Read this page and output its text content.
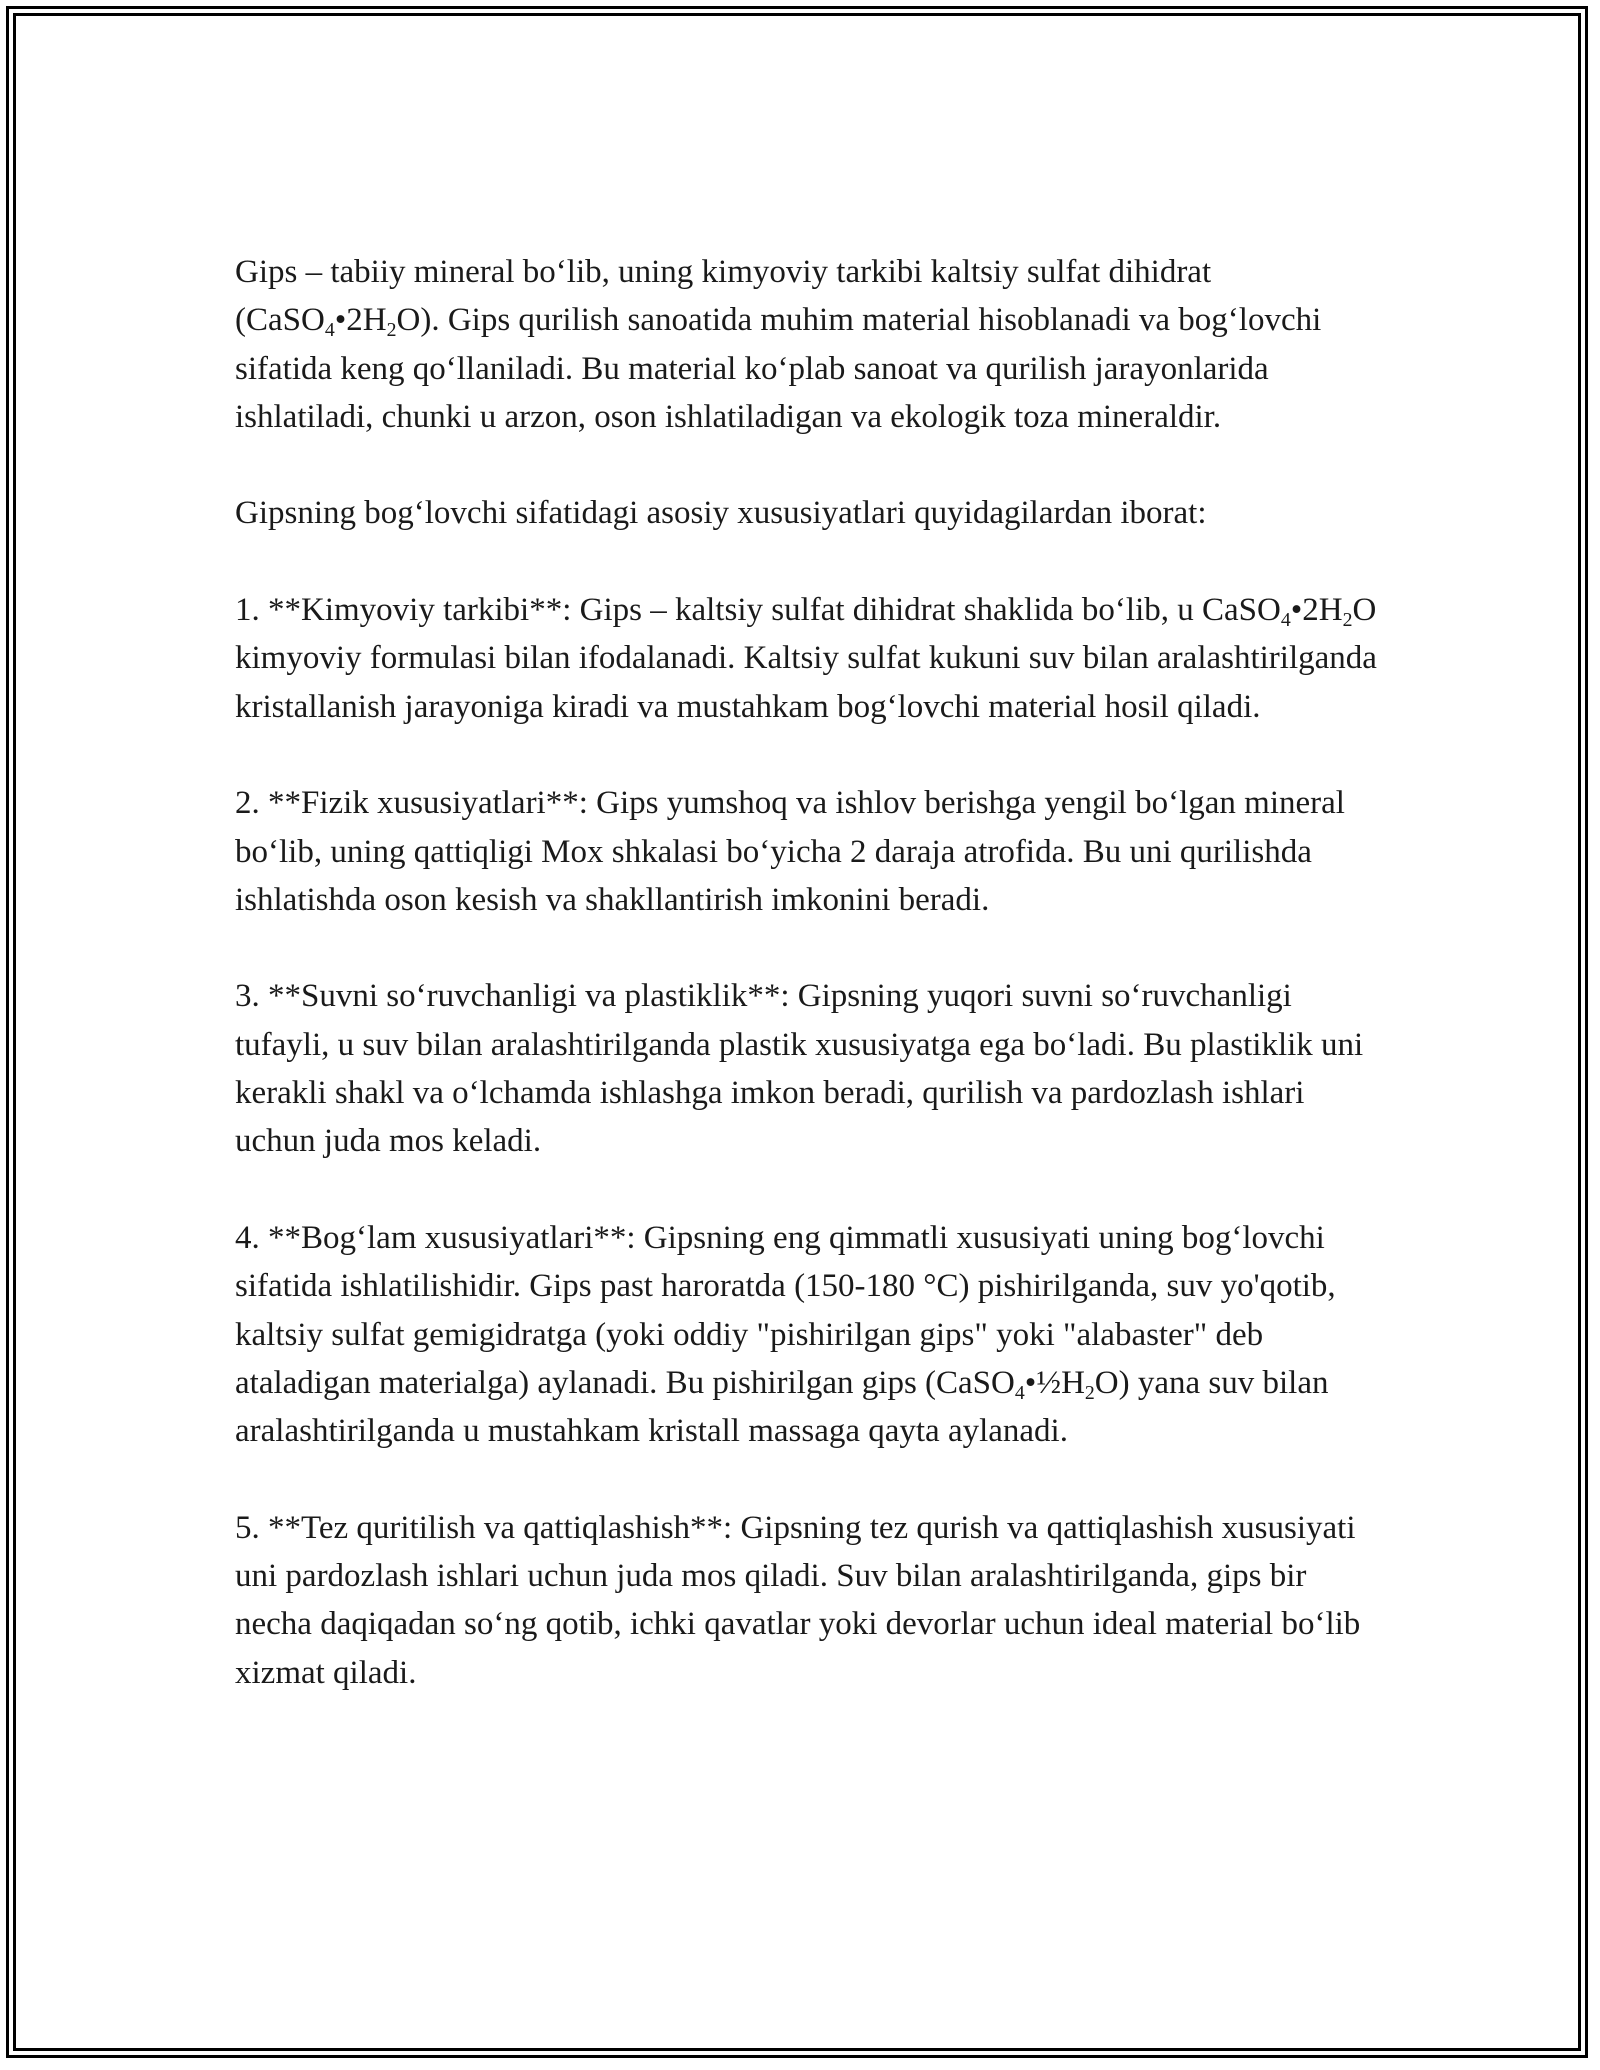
Gips – tabiiy mineral bo‘lib, uning kimyoviy tarkibi kaltsiy sulfat dihidrat $(CaSO_4•2H_2O)$. Gips qurilish sanoatida muhim material hisoblanadi va bog‘lovchi sifatida keng qo‘llaniladi. Bu material ko‘plab sanoat va qurilish jarayonlarida ishlatiladi, chunki u arzon, oson ishlatiladigan va ekologik toza mineraldir.

Gipsning bog‘lovchi sifatidagi asosiy xususiyatlari quyidagilardan iborat:

1. **Kimyoviy tarkibi**: Gips – kaltsiy sulfat dihidrat shaklida bo‘lib, u $CaSO_4•2H_2O$ kimyoviy formulasi bilan ifodalanadi. Kaltsiy sulfat kukuni suv bilan aralashtirilganda kristallanish jarayoniga kiradi va mustahkam bog‘lovchi material hosil qiladi.

2. **Fizik xususiyatlari**: Gips yumshoq va ishlov berishga yengil bo‘lgan mineral bo‘lib, uning qattiqligi Mox shkalasi bo‘yicha 2 daraja atrofida. Bu uni qurilishda ishlatishda oson kesish va shakllantirish imkonini beradi.

3. **Suvni so‘ruvchanligi va plastiklik**: Gipsning yuqori suvni so‘ruvchanligi tufayli, u suv bilan aralashtirilganda plastik xususiyatga ega bo‘ladi. Bu plastiklik uni kerakli shakl va o‘lchamda ishlashga imkon beradi, qurilish va pardozlash ishlari uchun juda mos keladi.

4. **Bog‘lam xususiyatlari**: Gipsning eng qimmatli xususiyati uning bog‘lovchi sifatida ishlatilishidir. Gips past haroratda (150-180 °C) pishirilganda, suv yo'qotib, kaltsiy sulfat gemigidratga (yoki oddiy "pishirilgan gips" yoki "alabaster" deb ataladigan materialga) aylanadi. Bu pishirilgan gips $(CaSO_4•\frac{1}{2}H_2O)$ yana suv bilan aralashtirilganda u mustahkam kristall massaga qayta aylanadi.

5. **Tez quritilish va qattiqlashish**: Gipsning tez qurish va qattiqlashish xususiyati uni pardozlash ishlari uchun juda mos qiladi. Suv bilan aralashtirilganda, gips bir necha daqiqadan so‘ng qotib, ichki qavatlar yoki devorlar uchun ideal material bo‘lib xizmat qiladi.
